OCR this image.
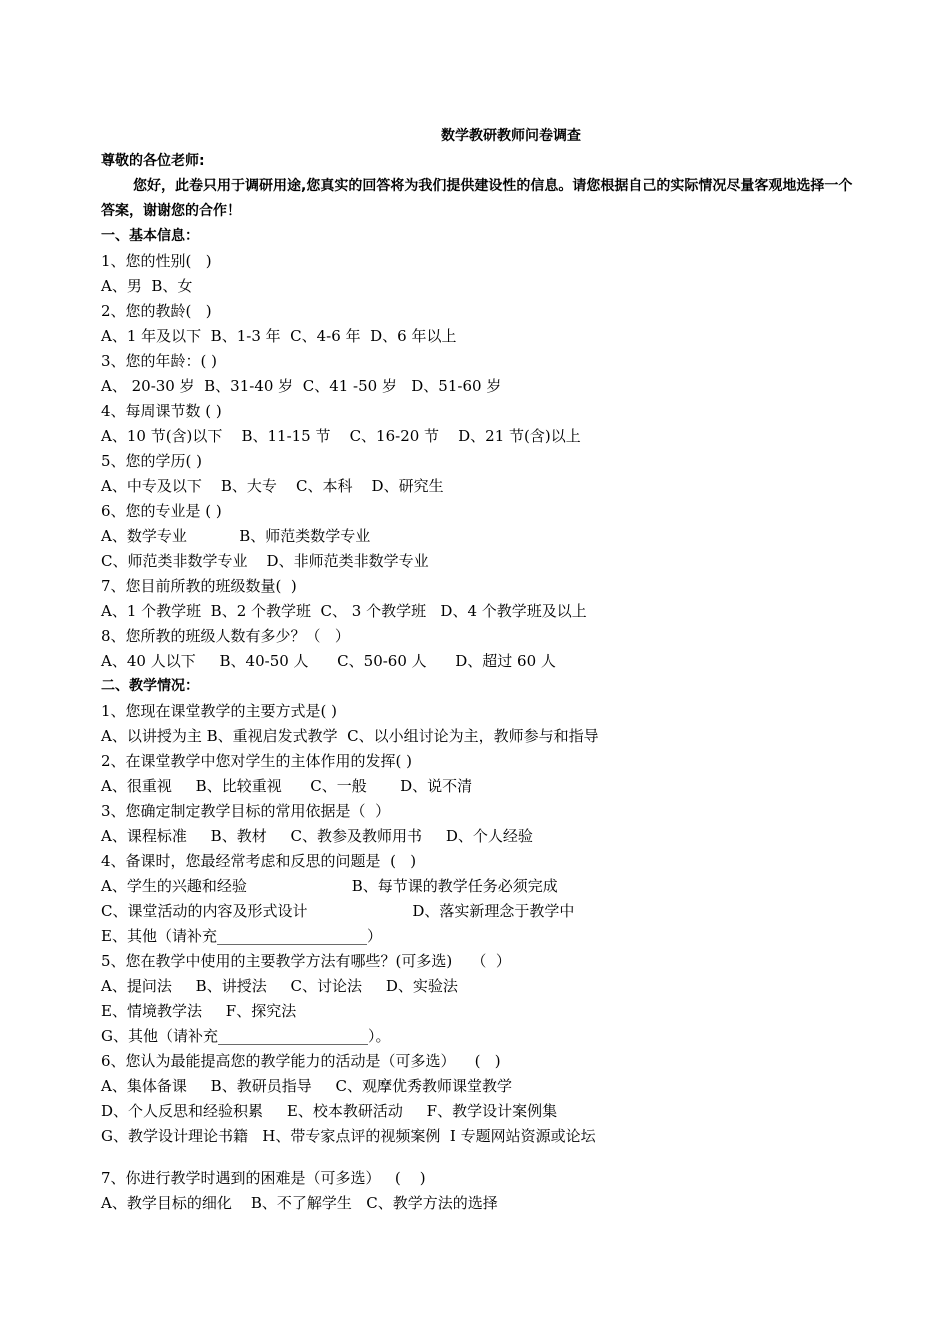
数学教研教师问卷调查
尊敬的各位老师:
您好，此卷只用于调研用途,您真实的回答将为我们提供建设性的信息。请您根据自己的实际情况尽量客观地选择一个答案，谢谢您的合作！
一、基本信息：
1、您的性别(   )
A、男  B、女
2、您的教龄(   )
A、1 年及以下  B、1-3 年  C、4-6 年  D、6 年以上
3、您的年龄：( )
A、 20-30 岁  B、31-40 岁  C、41 -50 岁   D、51-60 岁
4、每周课节数 ( )
A、10 节(含)以下    B、11-15 节    C、16-20 节    D、21 节(含)以上
5、您的学历( )
A、中专及以下    B、大专    C、本科    D、研究生
6、您的专业是 ( )
A、数学专业           B、师范类数学专业
C、师范类非数学专业    D、非师范类非数学专业
7、您目前所教的班级数量(  )
A、1 个教学班  B、2 个教学班  C、 3 个教学班   D、4 个教学班及以上
8、您所教的班级人数有多少？（   ）
A、40 人以下     B、40-50 人      C、50-60 人      D、超过 60 人
二、教学情况：
1、您现在课堂教学的主要方式是( )
A、以讲授为主 B、重视启发式教学  C、以小组讨论为主，教师参与和指导
2、在课堂教学中您对学生的主体作用的发挥( )
A、很重视     B、比较重视      C、一般       D、说不清
3、您确定制定教学目标的常用依据是（  ）
A、课程标准     B、教材     C、教参及教师用书     D、个人经验
4、备课时，您最经常考虑和反思的问题是  (   )
A、学生的兴趣和经验                      B、每节课的教学任务必须完成
C、课堂活动的内容及形式设计                      D、落实新理念于教学中
E、其他（请补充____________________）
5、您在教学中使用的主要教学方法有哪些？(可多选)    （  ）
A、提问法     B、讲授法     C、讨论法     D、实验法
E、情境教学法     F、探究法
G、其他（请补充____________________）。
6、您认为最能提高您的教学能力的活动是（可多选）    (   )
A、集体备课     B、教研员指导     C、观摩优秀教师课堂教学
D、个人反思和经验积累     E、校本教研活动     F、教学设计案例集
G、教学设计理论书籍   H、带专家点评的视频案例  I 专题网站资源或论坛
7、你进行教学时遇到的困难是（可多选）   (    )
A、教学目标的细化    B、不了解学生   C、教学方法的选择
